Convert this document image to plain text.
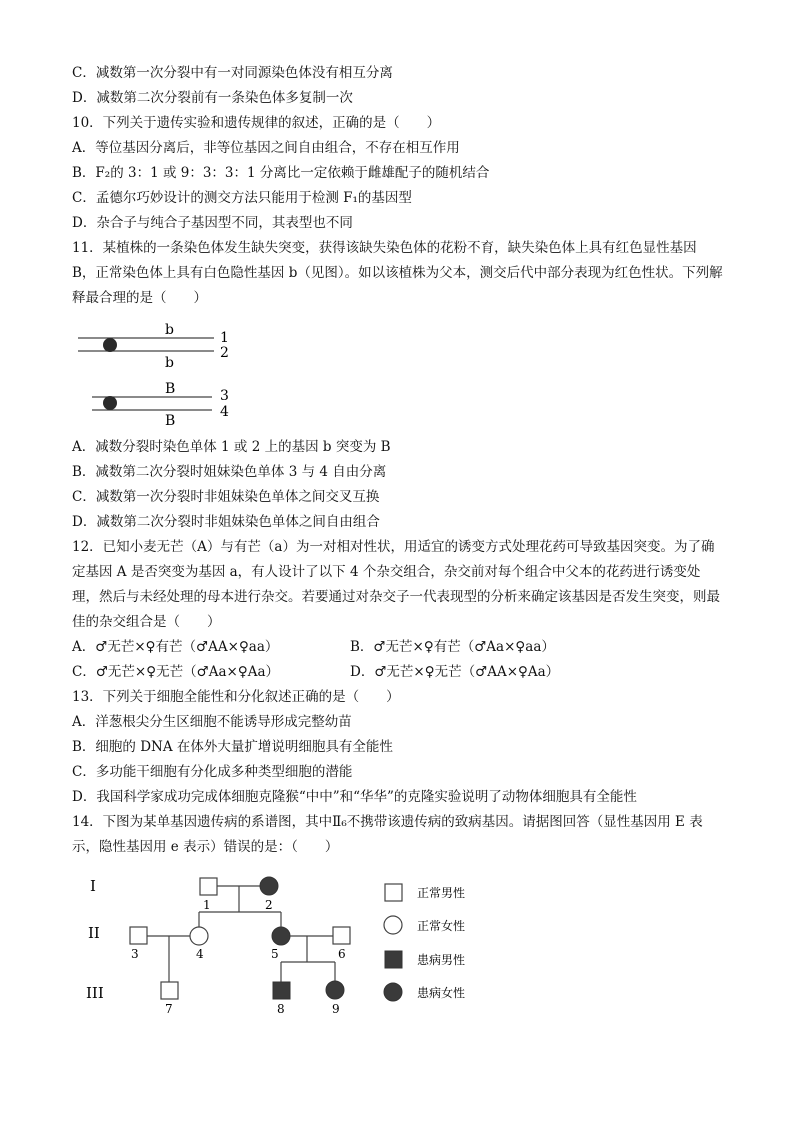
C．减数第一次分裂中有一对同源染色体没有相互分离
D．减数第二次分裂前有一条染色体多复制一次
10．下列关于遗传实验和遗传规律的叙述，正确的是（　　）
A．等位基因分离后，非等位基因之间自由组合，不存在相互作用
B．F₂的 3：1 或 9：3：3：1 分离比一定依赖于雌雄配子的随机结合
C．孟德尔巧妙设计的测交方法只能用于检测 F₁的基因型
D．杂合子与纯合子基因型不同，其表型也不同
11．某植株的一条染色体发生缺失突变，获得该缺失染色体的花粉不育，缺失染色体上具有红色显性基因 B，正常染色体上具有白色隐性基因 b（见图）。如以该植株为父本，测交后代中部分表现为红色性状。下列解释最合理的是（　　）
b
b
1
2
B
B
3
4
A．减数分裂时染色单体 1 或 2 上的基因 b 突变为 B
B．减数第二次分裂时姐妹染色单体 3 与 4 自由分离
C．减数第一次分裂时非姐妹染色单体之间交叉互换
D．减数第二次分裂时非姐妹染色单体之间自由组合
12．已知小麦无芒（A）与有芒（a）为一对相对性状，用适宜的诱变方式处理花药可导致基因突变。为了确定基因 A 是否突变为基因 a，有人设计了以下 4 个杂交组合，杂交前对每个组合中父本的花药进行诱变处理，然后与未经处理的母本进行杂交。若要通过对杂交子一代表现型的分析来确定该基因是否发生突变，则最佳的杂交组合是（　　）
A．♂无芒×♀有芒（♂AA×♀aa）	B．♂无芒×♀有芒（♂Aa×♀aa）
C．♂无芒×♀无芒（♂Aa×♀Aa）	D．♂无芒×♀无芒（♂AA×♀Aa）
13．下列关于细胞全能性和分化叙述正确的是（　　）
A．洋葱根尖分生区细胞不能诱导形成完整幼苗
B．细胞的 DNA 在体外大量扩增说明细胞具有全能性
C．多功能干细胞有分化成多种类型细胞的潜能
D．我国科学家成功完成体细胞克隆猴“中中”和“华华”的克隆实验说明了动物体细胞具有全能性
14．下图为某单基因遗传病的系谱图，其中Ⅱ₆不携带该遗传病的致病基因。请据图回答（显性基因用 E 表示，隐性基因用 e 表示）错误的是：（　　）
I
II
III
1	2
3	4	5	6
7	8	9
正常男性
正常女性
患病男性
患病女性
